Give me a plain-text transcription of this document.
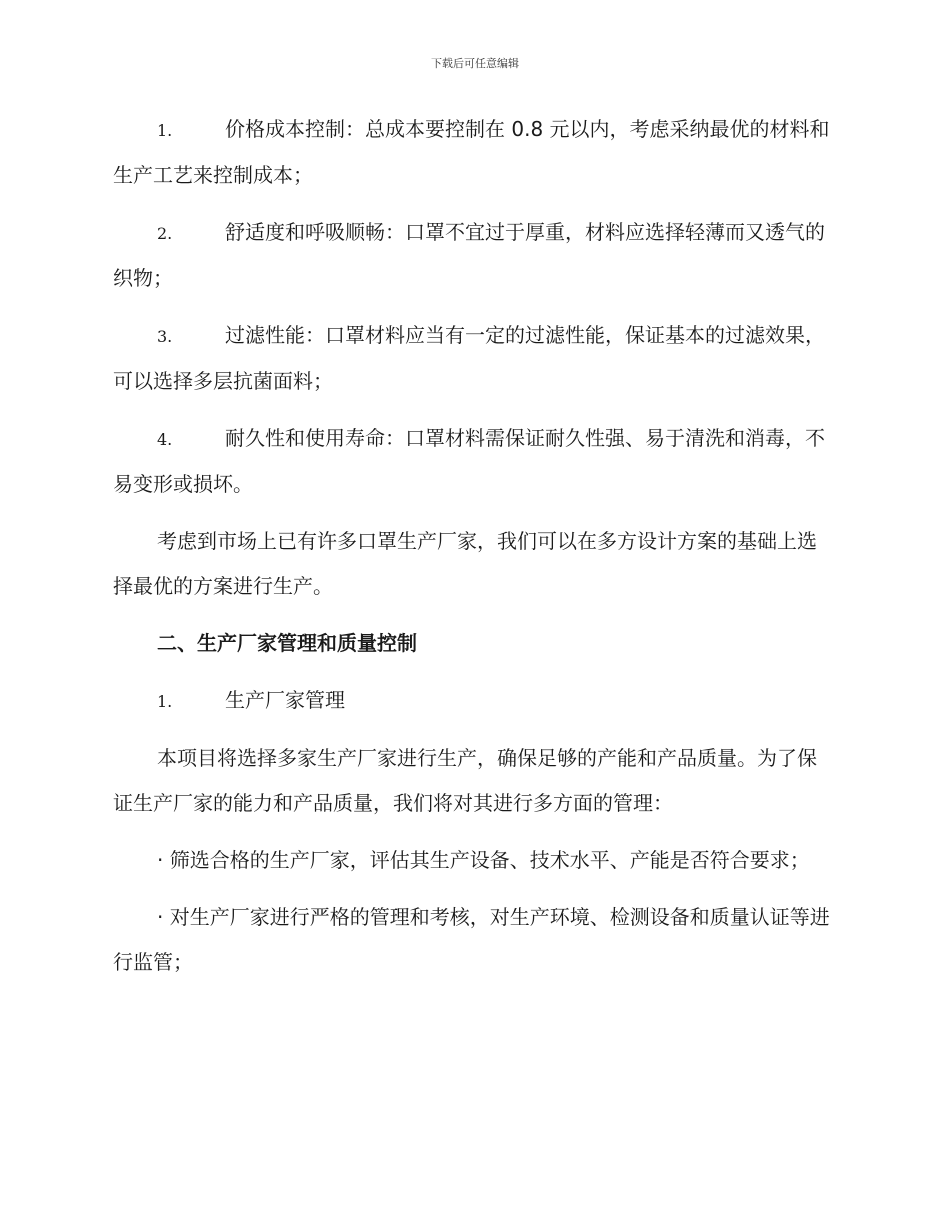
下载后可任意编辑

1.	价格成本控制：总成本要控制在 0.8 元以内，考虑采纳最优的材料和生产工艺来控制成本；

2.	舒适度和呼吸顺畅：口罩不宜过于厚重，材料应选择轻薄而又透气的织物；

3.	过滤性能：口罩材料应当有一定的过滤性能，保证基本的过滤效果，可以选择多层抗菌面料；

4.	耐久性和使用寿命：口罩材料需保证耐久性强、易于清洗和消毒，不易变形或损坏。

考虑到市场上已有许多口罩生产厂家，我们可以在多方设计方案的基础上选择最优的方案进行生产。

二、生产厂家管理和质量控制

1.	生产厂家管理

本项目将选择多家生产厂家进行生产，确保足够的产能和产品质量。为了保证生产厂家的能力和产品质量，我们将对其进行多方面的管理：

· 筛选合格的生产厂家，评估其生产设备、技术水平、产能是否符合要求；

· 对生产厂家进行严格的管理和考核，对生产环境、检测设备和质量认证等进行监管；
